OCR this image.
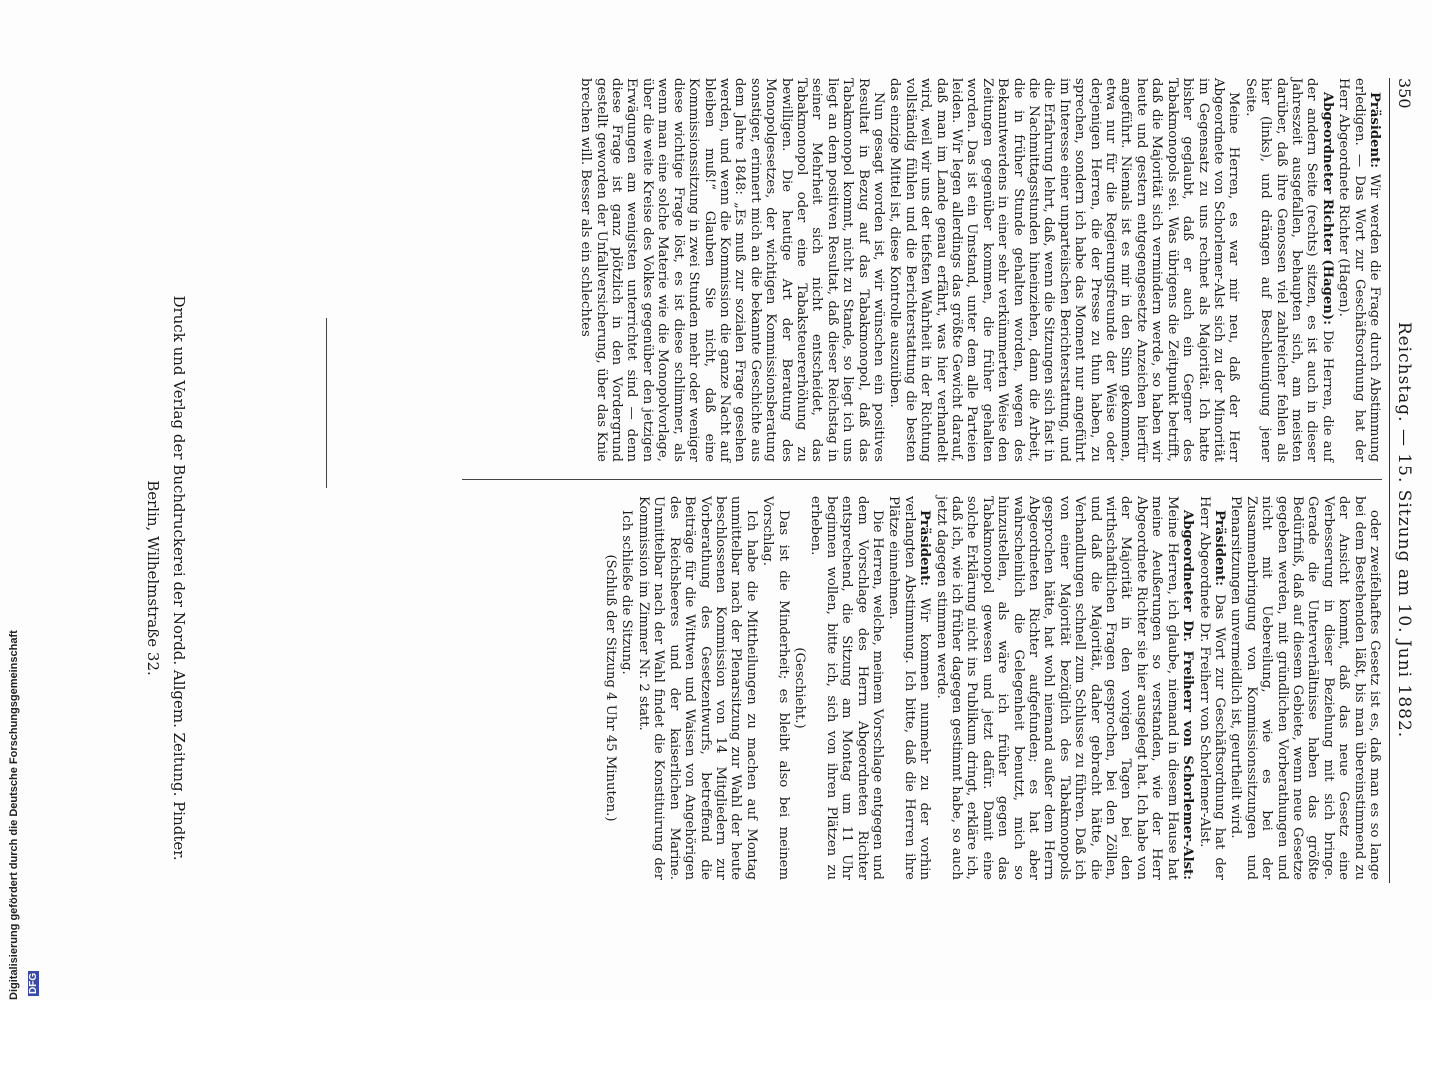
350
Reichstag. — 15. Sitzung am 10. Juni 1882.

Präsident: Wir werden die Frage durch Abstimmung erledigen. — Das Wort zur Geschäftsordnung hat der Herr Abgeordnete Richter (Hagen).

Abgeordneter Richter (Hagen): Die Herren, die auf der andern Seite (rechts) sitzen, es ist auch in dieser Jahreszeit ausgefallen, behaupten sich, am meisten darüber, daß ihre Genossen viel zahlreicher fehlen als hier (links), und drängen auf Beschleunigung jener Seite.

Meine Herren, es war mir neu, daß der Herr Abgeordnete von Schorlemer-Alst sich zu der Minorität im Gegensatz zu uns rechnet als Majorität. Ich hatte bisher geglaubt, daß er auch ein Gegner des Tabakmonopols sei. Was übrigens die Zeitpunkt betrifft, daß die Majorität sich vermindern werde, so haben wir heute und gestern entgegengesetzte Anzeichen hierfür angeführt. Niemals ist es mir in den Sinn gekommen, etwa nur für die Regierungsfreunde der Weise oder derjenigen Herren, die der Presse zu thun haben, zu sprechen, sondern ich habe das Moment nur angeführt im Interesse einer unparteiischen Berichterstattung, und die Erfahrung lehrt, daß, wenn die Sitzungen sich fast in die Nachmittagsstunden hineinziehen, dann die Arbeit, die in früher Stunde gehalten worden, wegen des Bekanntwerdens in einer sehr verkümmerten Weise den Zeitungen gegenüber kommen, die früher gehalten worden. Das ist ein Umstand, unter dem alle Parteien leiden. Wir legen allerdings das größte Gewicht darauf, daß man im Lande genau erfährt, was hier verhandelt wird, weil wir uns der tiefsten Wahrheit in der Richtung vollständig fühlen und die Berichterstattung die besten das einzige Mittel ist, diese Kontrolle auszuüben.

Nun gesagt worden ist, wir wünschen ein positives Resultat in Bezug auf das Tabakmonopol, daß das Tabakmonopol kommt, nicht zu Stande, so liegt ich uns liegt an dem positiven Resultat, daß dieser Reichstag in seiner Mehrheit sich nicht entscheidet, das Tabakmonopol oder eine Tabaksteuererhöhung zu bewilligen. Die heutige Art der Beratung des Monopolgesetzes, der wichtigen Kommissionsberatung sonstiger, erinnert mich an die bekannte Geschichte aus dem Jahre 1848: „Es muß zur sozialen Frage gesehen werden, und wenn die Kommission die ganze Nacht auf bleiben muß!“ Glauben Sie nicht, daß eine Kommissionssitzung in zwei Stunden mehr oder weniger diese wichtige Frage löst, es ist diese schlimmer, als wenn man eine solche Materie wie die Monopolvorlage, über die weite Kreise des Volkes gegenüber den jetzigen Erwägungen am wenigsten unterrichtet sind — denn diese Frage ist ganz plötzlich in den Vordergrund gestellt geworden der Unfallversicherung, über das Knie brechen will. Besser als ein schlechtes

oder zweifelhaftes Gesetz ist es, daß man es so lange bei dem Bestehenden läßt, bis man übereinstimmend zu der Ansicht kommt, daß das neue Gesetz eine Verbesserung in dieser Beziehung mit sich bringe. Gerade die Unterverhältnisse haben das größte Bedürfniß, daß auf diesem Gebiete, wenn neue Gesetze gegeben werden, mit gründlichen Vorberathungen und nicht mit Uebereilung, wie es bei der Zusammenbringung von Kommissionssitzungen und Plenarsitzungen unvermeidlich ist, geurtheilt wird.

Präsident: Das Wort zur Geschäftsordnung hat der Herr Abgeordnete Dr. Freiherr von Schorlemer-Alst.

Abgeordneter Dr. Freiherr von Schorlemer-Alst: Meine Herren, ich glaube, niemand in diesem Hause hat meine Aeußerungen so verstanden, wie der Herr Abgeordnete Richter sie hier ausgelegt hat. Ich habe von der Majorität in den vorigen Tagen bei den wirthschaftlichen Fragen gesprochen, bei den Zöllen, und daß die Majorität, daher gebracht hätte, die Verhandlungen schnell zum Schlusse zu führen. Daß ich von einer Majorität bezüglich des Tabakmonopols gesprochen hätte, hat wohl niemand außer dem Herrn Abgeordneten Richter aufgefunden; es hat aber wahrscheinlich die Gelegenheit benutzt, mich so hinzustellen, als wäre ich früher gegen das Tabakmonopol gewesen und jetzt dafür. Damit eine solche Erklärung nicht ins Publikum dringt, erkläre ich, daß ich, wie ich früher dagegen gestimmt habe, so auch jetzt dagegen stimmen werde.

Präsident: Wir kommen nunmehr zu der vorhin verlangten Abstimmung. Ich bitte, daß die Herren ihre Plätze einnehmen.

Die Herren, welche, meinem Vorschlage entgegen und dem Vorschlage des Herrn Abgeordneten Richter entsprechend, die Sitzung am Montag um 11 Uhr beginnen wollen, bitte ich, sich von ihren Plätzen zu erheben.

(Geschieht.)

Das ist die Minderheit; es bleibt also bei meinem Vorschlag.

Ich habe die Mittheilungen zu machen auf Montag unmittelbar nach der Plenarsitzung zur Wahl der heute beschlossenen Kommission von 14 Mitgliedern zur Vorberathung des Gesetzentwurfs, betreffend die Beiträge für die Wittwen und Waisen von Angehörigen des Reichsheeres und der kaiserlichen Marine. Unmittelbar nach der Wahl findet die Konstituirung der Kommission im Zimmer Nr. 2 statt.

Ich schließe die Sitzung.

(Schluß der Sitzung 4 Uhr 45 Minuten.)

Druck und Verlag der Buchdruckerei der Nordd. Allgem. Zeitung. Pindter.
Berlin, Wilhelmstraße 32.
Digitalisierung gefördert durch die Deutsche Forschungsgemeinschaft DFG
